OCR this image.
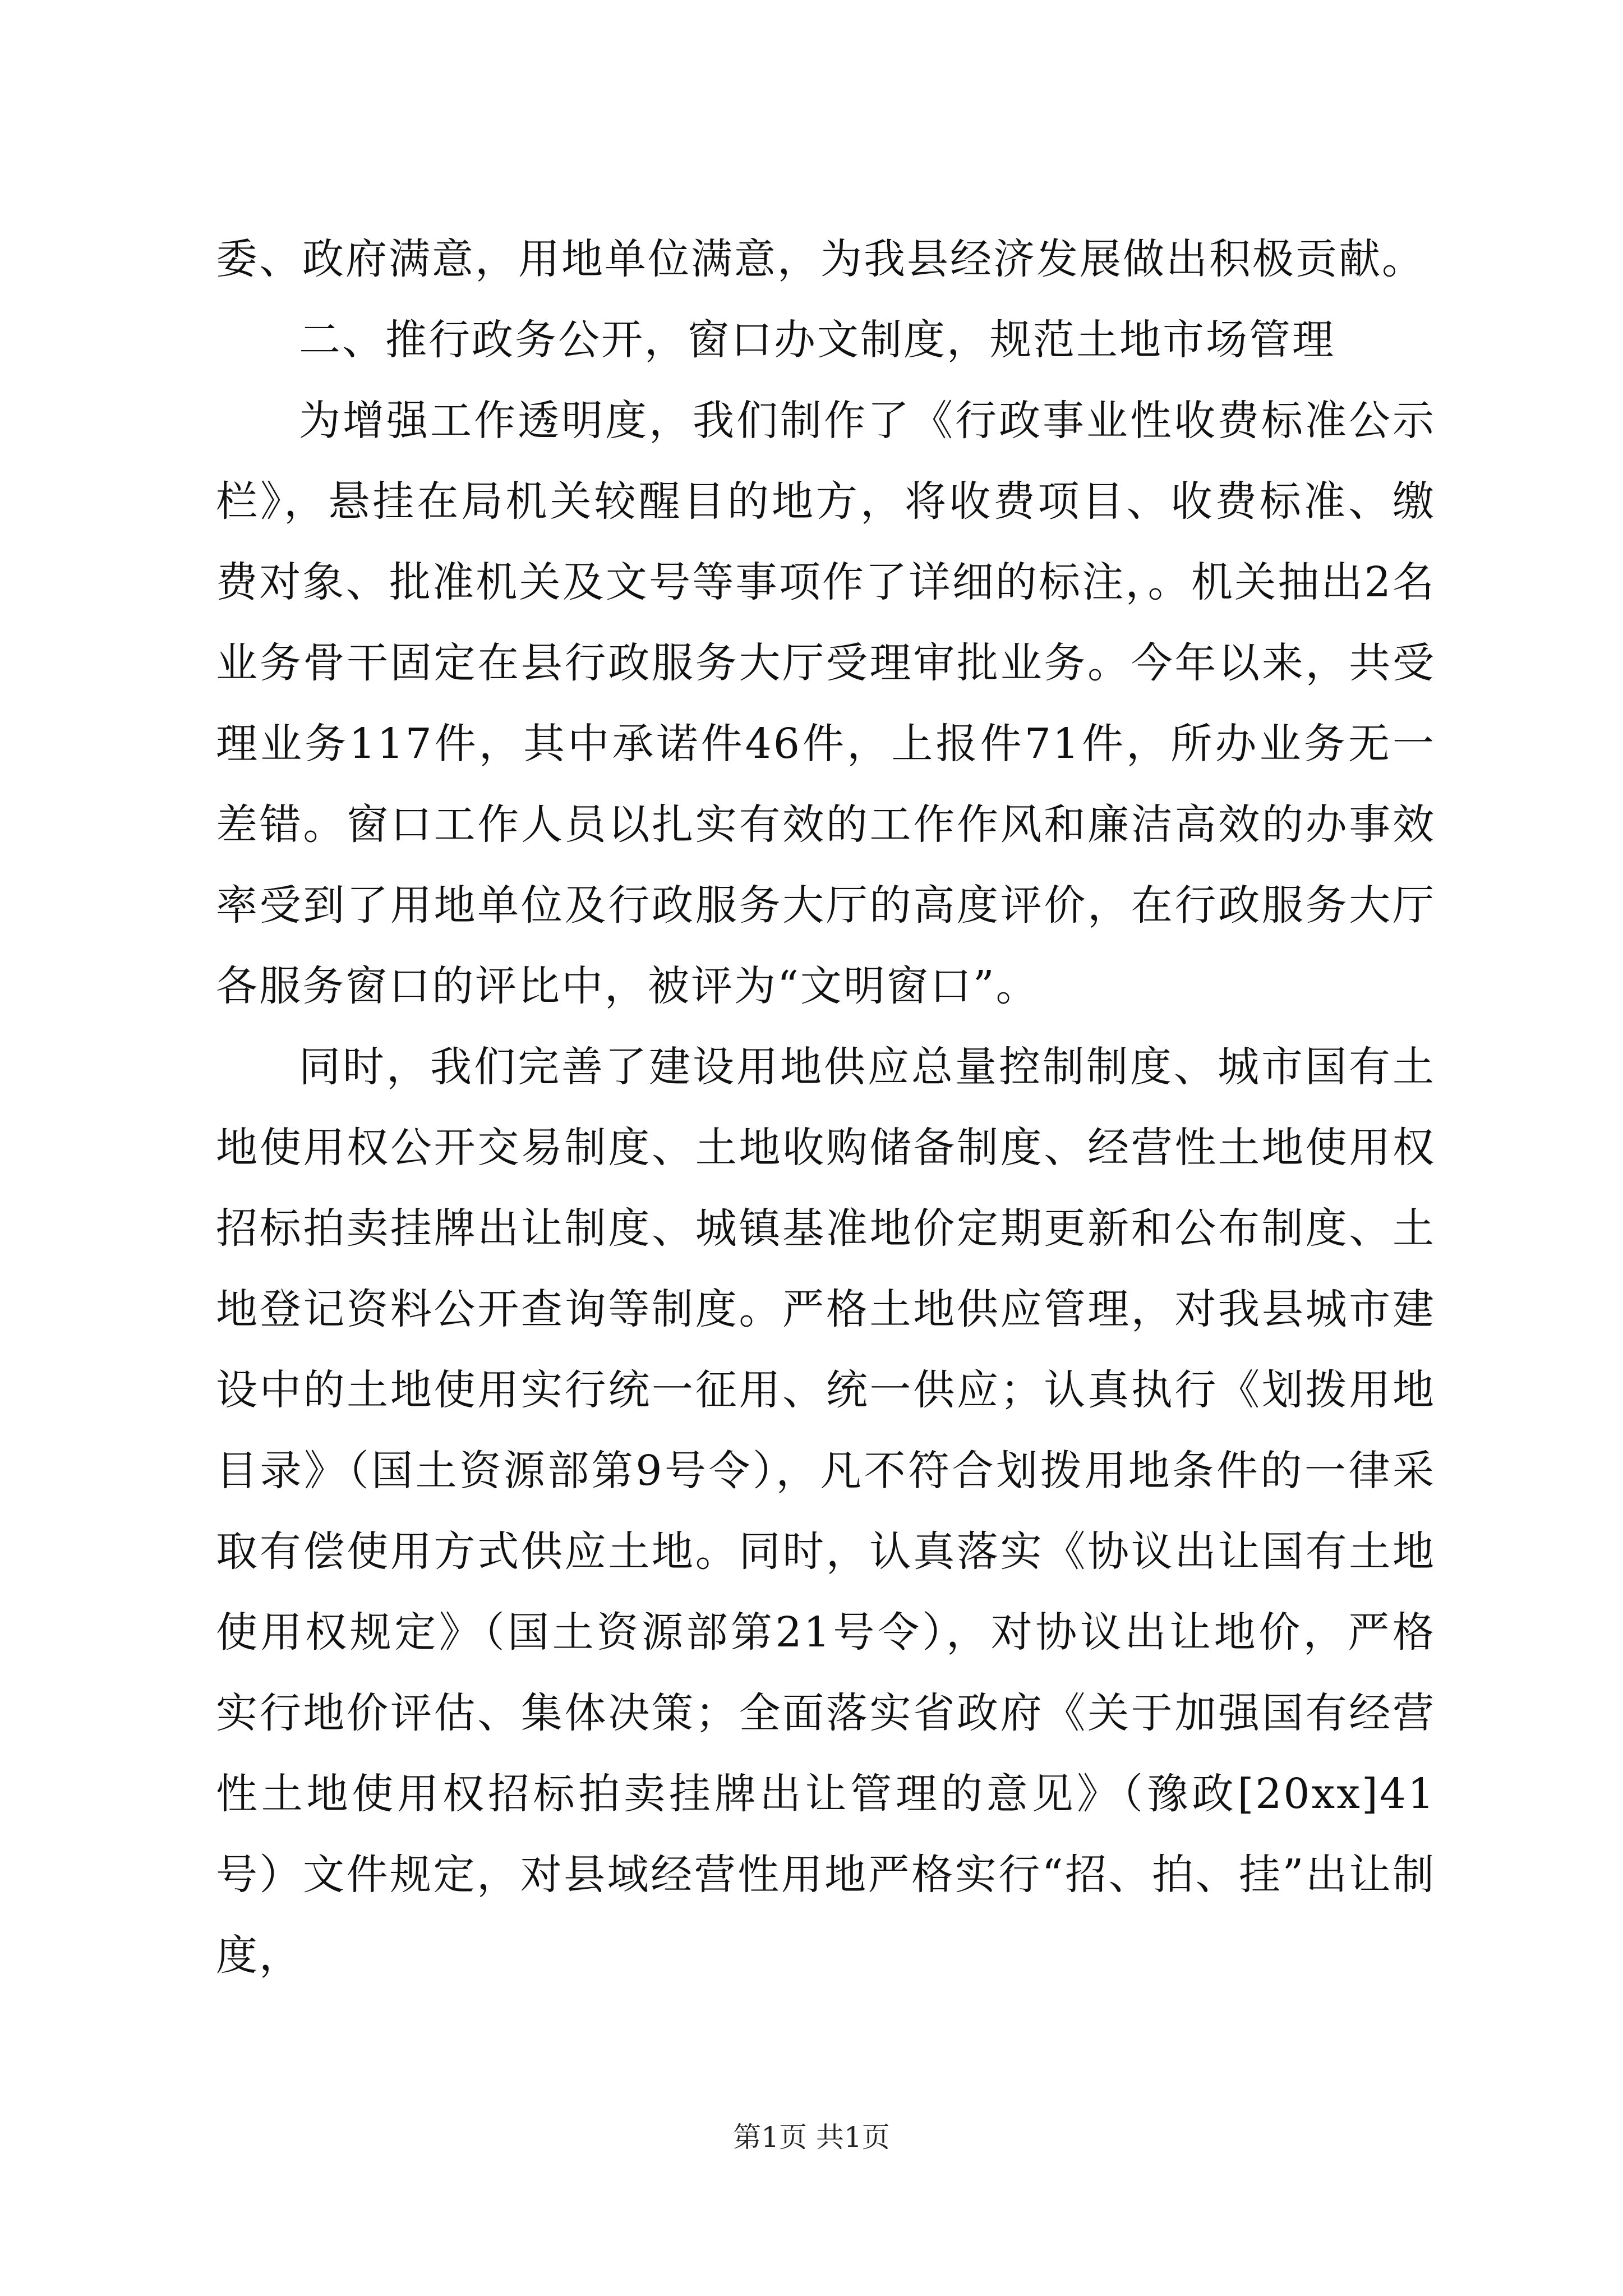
委、政府满意，用地单位满意，为我县经济发展做出积极贡献。

二、推行政务公开，窗口办文制度，规范土地市场管理

为增强工作透明度，我们制作了《行政事业性收费标准公示栏》，悬挂在局机关较醒目的地方，将收费项目、收费标准、缴费对象、批准机关及文号等事项作了详细的标注，。机关抽出2名业务骨干固定在县行政服务大厅受理审批业务。今年以来，共受理业务117件，其中承诺件46件，上报件71件，所办业务无一差错。窗口工作人员以扎实有效的工作作风和廉洁高效的办事效率受到了用地单位及行政服务大厅的高度评价，在行政服务大厅各服务窗口的评比中，被评为“文明窗口”。

同时，我们完善了建设用地供应总量控制制度、城市国有土地使用权公开交易制度、土地收购储备制度、经营性土地使用权招标拍卖挂牌出让制度、城镇基准地价定期更新和公布制度、土地登记资料公开查询等制度。严格土地供应管理，对我县城市建设中的土地使用实行统一征用、统一供应；认真执行《划拨用地目录》（国土资源部第9号令），凡不符合划拨用地条件的一律采取有偿使用方式供应土地。同时，认真落实《协议出让国有土地使用权规定》（国土资源部第21号令），对协议出让地价，严格实行地价评估、集体决策；全面落实省政府《关于加强国有经营性土地使用权招标拍卖挂牌出让管理的意见》（豫政[20xx]41号）文件规定，对县域经营性用地严格实行“招、拍、挂”出让制度，

第1页 共1页
